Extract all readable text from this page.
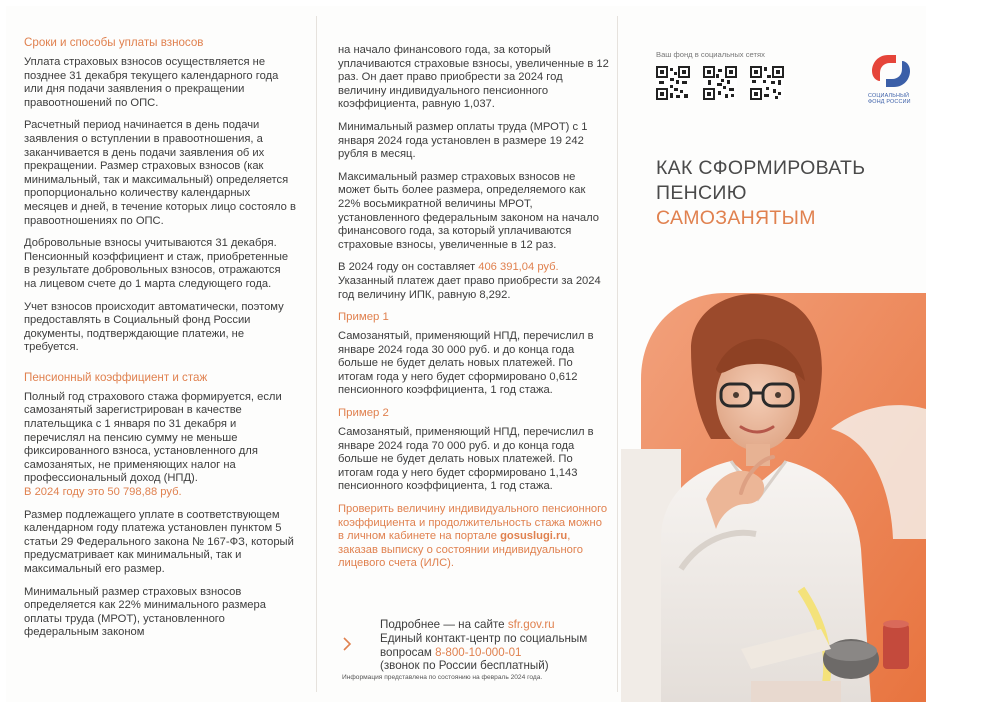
Сроки и способы уплаты взносов

Уплата страховых взносов осуществляется не позднее 31 декабря текущего календарного года или дня подачи заявления о прекращении правоотношений по ОПС.

Расчетный период начинается в день подачи заявления о вступлении в правоотношения, а заканчивается в день подачи заявления об их прекращении. Размер страховых взносов (как минимальный, так и максимальный) определяется пропорционально количеству календарных месяцев и дней, в течение которых лицо состояло в правоотношениях по ОПС.

Добровольные взносы учитываются 31 декабря. Пенсионный коэффициент и стаж, приобретенные в результате добровольных взносов, отражаются на лицевом счете до 1 марта следующего года.

Учет взносов происходит автоматически, поэтому предоставлять в Социальный фонд России документы, подтверждающие платежи, не требуется.

Пенсионный коэффициент и стаж

Полный год страхового стажа формируется, если самозанятый зарегистрирован в качестве плательщика с 1 января по 31 декабря и перечислял на пенсию сумму не меньше фиксированного взноса, установленного для самозанятых, не применяющих налог на профессиональный доход (НПД).
В 2024 году это 50 798,88 руб.

Размер подлежащего уплате в соответствующем календарном году платежа установлен пунктом 5 статьи 29 Федерального закона № 167-ФЗ, который предусматривает как минимальный, так и максимальный его размер.

Минимальный размер страховых взносов определяется как 22% минимального размера оплаты труда (МРОТ), установленного федеральным законом

на начало финансового года, за который уплачиваются страховые взносы, увеличенные в 12 раз. Он дает право приобрести за 2024 год величину индивидуального пенсионного коэффициента, равную 1,037.

Минимальный размер оплаты труда (МРОТ) с 1 января 2024 года установлен в размере 19 242 рубля в месяц.

Максимальный размер страховых взносов не может быть более размера, определяемого как 22% восьмикратной величины МРОТ, установленного федеральным законом на начало финансового года, за который уплачиваются страховые взносы, увеличенные в 12 раз.

В 2024 году он составляет 406 391,04 руб. Указанный платеж дает право приобрести за 2024 год величину ИПК, равную 8,292.

Пример 1

Самозанятый, применяющий НПД, перечислил в январе 2024 года 30 000 руб. и до конца года больше не будет делать новых платежей. По итогам года у него будет сформировано 0,612 пенсионного коэффициента, 1 год стажа.

Пример 2

Самозанятый, применяющий НПД, перечислил в январе 2024 года 70 000 руб. и до конца года больше не будет делать новых платежей. По итогам года у него будет сформировано 1,143 пенсионного коэффициента, 1 год стажа.

Проверить величину индивидуального пенсионного коэффициента и продолжительность стажа можно в личном кабинете на портале gosuslugi.ru, заказав выписку о состоянии индивидуального лицевого счета (ИЛС).

Подробнее — на сайте sfr.gov.ru
Единый контакт-центр по социальным вопросам 8-800-10-000-01
(звонок по России бесплатный)
Информация представлена по состоянию на февраль 2024 года.
Ваш фонд в социальных сетях
СОЦИАЛЬНЫЙ
ФОНД РОССИИ
КАК СФОРМИРОВАТЬ
ПЕНСИЮ
САМОЗАНЯТЫМ
